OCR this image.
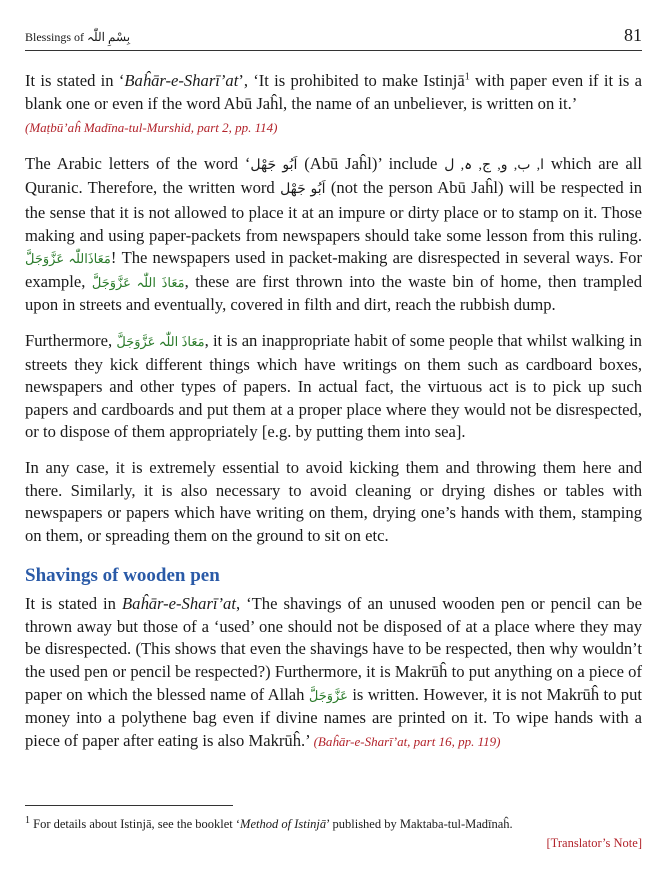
Blessings of بِسْمِ اللّٰہ	81

It is stated in ‘Baĥār-e-Sharī’at’, ‘It is prohibited to make Istinjā$^1$ with paper even if it is a blank one or even if the word Abū Jaĥl, the name of an unbeliever, is written on it.’
(Maṭbū’aĥ Madīna-tul-Murshid, part 2, pp. 114)

The Arabic letters of the word ‘اَبُو جَھْل (Abū Jaĥl)’ include ا, ب, و, ج, ہ, ل which are all Quranic. Therefore, the written word اَبُو جَھْل (not the person Abū Jaĥl) will be respected in the sense that it is not allowed to place it at an impure or dirty place or to stamp on it. Those making and using paper-packets from newspapers should take some lesson from this ruling. مَعَاذَاللّٰہ عَزَّوَجَلَّ! The newspapers used in packet-making are disrespected in several ways. For example, مَعَاذَ اللّٰہ عَزَّوَجَلَّ, these are first thrown into the waste bin of home, then trampled upon in streets and eventually, covered in filth and dirt, reach the rubbish dump.

Furthermore, مَعَاذَ اللّٰہ عَزَّوَجَلَّ, it is an inappropriate habit of some people that whilst walking in streets they kick different things which have writings on them such as cardboard boxes, newspapers and other types of papers. In actual fact, the virtuous act is to pick up such papers and cardboards and put them at a proper place where they would not be disrespected, or to dispose of them appropriately [e.g. by putting them into sea].

In any case, it is extremely essential to avoid kicking them and throwing them here and there. Similarly, it is also necessary to avoid cleaning or drying dishes or tables with newspapers or papers which have writing on them, drying one’s hands with them, stamping on them, or spreading them on the ground to sit on etc.

Shavings of wooden pen

It is stated in Baĥār-e-Sharī’at, ‘The shavings of an unused wooden pen or pencil can be thrown away but those of a ‘used’ one should not be disposed of at a place where they may be disrespected. (This shows that even the shavings have to be respected, then why wouldn’t the used pen or pencil be respected?) Furthermore, it is Makrūĥ to put anything on a piece of paper on which the blessed name of Allah عَزَّوَجَلَّ is written. However, it is not Makrūĥ to put money into a polythene bag even if divine names are printed on it. To wipe hands with a piece of paper after eating is also Makrūĥ.’ (Baĥār-e-Sharī’at, part 16, pp. 119)

$^1$ For details about Istinjā, see the booklet ‘Method of Istinjā’ published by Maktaba-tul-Madīnaĥ.
[Translator’s Note]
